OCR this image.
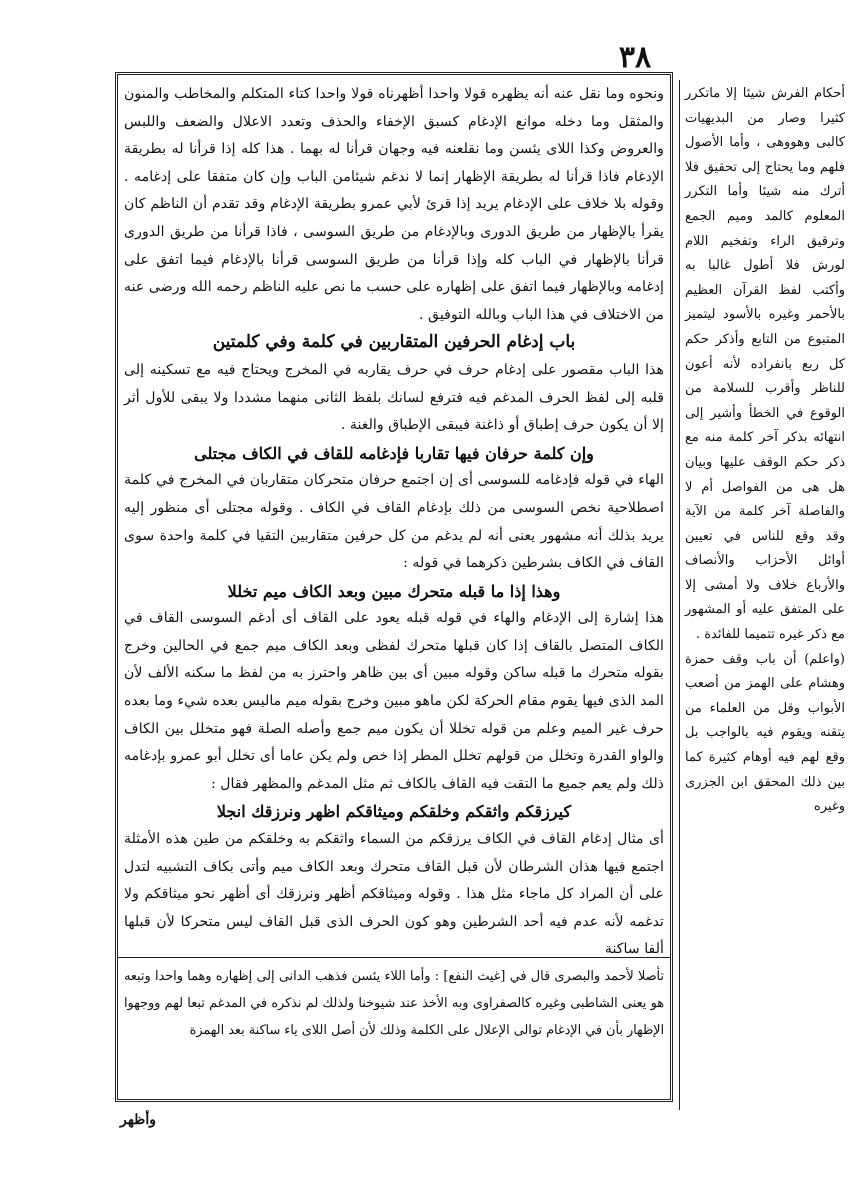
٣٨

ونحوه وما نقل عنه أنه يظهره قولا واحدا أظهرناه قولا واحدا كتاء المتكلم والمخاطب والمنون والمثقل وما دخله موانع الإدغام كسبق الإخفاء والحذف وتعدد الاعلال والضعف واللبس والعروض وكذا اللاى يئسن وما نقلعنه فيه وجهان قرأنا له بهما . هذا كله إذا قرأنا له بطريقة الإدغام فاذا قرأنا له بطريقة الإظهار إنما لا ندغم شيئامن الباب وإن كان متفقا على إدغامه . وقوله بلا خلاف على الإدغام يريد إذا قرئ لأبي عمرو بطريقة الإدغام وقد تقدم أن الناظم كان يقرأ بالإظهار من طريق الدورى وبالإدغام من طريق السوسى ، فاذا قرأنا من طريق الدورى قرأنا بالإظهار في الباب كله وإذا قرأنا من طريق السوسى قرأنا بالإدغام فيما اتفق على إدغامه وبالإظهار فيما اتفق على إظهاره على حسب ما نص عليه الناظم رحمه الله ورضى عنه من الاختلاف في هذا الباب وبالله التوفيق .

باب إدغام الحرفين المتقاربين في كلمة وفي كلمتين

هذا الباب مقصور على إدغام حرف في حرف يقاربه في المخرج ويحتاج فيه مع تسكينه إلى قلبه إلى لفظ الحرف المدغم فيه فترفع لسانك بلفظ الثانى منهما مشددا ولا يبقى للأول أثر إلا أن يكون حرف إطباق أو ذاغنة فيبقى الإطباق والغنة .

وإن كلمة حرفان فيها تقاربا فإدغامه للقاف في الكاف مجتلى

الهاء في قوله فإدغامه للسوسى أى إن اجتمع حرفان متحركان متقاربان في المخرج في كلمة اصطلاحية نخص السوسى من ذلك بإدغام القاف في الكاف . وقوله مجتلى أى منظور إليه يريد بذلك أنه مشهور يعنى أنه لم يدغم من كل حرفين متقاربين التقيا في كلمة واحدة سوى القاف في الكاف بشرطين ذكرهما في قوله :

وهذا إذا ما قبله متحرك مبين وبعد الكاف ميم تخللا

هذا إشارة إلى الإدغام والهاء في قوله قبله يعود على القاف أى أدغم السوسى القاف في الكاف المتصل بالقاف إذا كان قبلها متحرك لفظى وبعد الكاف ميم جمع في الحالين وخرج بقوله متحرك ما قبله ساكن وقوله مبين أى بين ظاهر واحترز به من لفظ ما سكنه الألف لأن المد الذى فيها يقوم مقام الحركة لكن ماهو مبين وخرج بقوله ميم ماليس بعده شيء وما بعده حرف غير الميم وعلم من قوله تخللا أن يكون ميم جمع وأصله الصلة فهو متخلل بين الكاف والواو القدرة وتخلل من قولهم تخلل المطر إذا خص ولم يكن عاما أى تخلل أبو عمرو بإدغامه ذلك ولم يعم جميع ما التقت فيه القاف بالكاف ثم مثل المدغم والمظهر فقال :

كيرزقكم واثقكم وخلقكم وميثاقكم اظهر ونرزقك انجلا

أى مثال إدغام القاف في الكاف يرزقكم من السماء واثقكم به وخلقكم من طين هذه الأمثلة اجتمع فيها هذان الشرطان لأن قبل القاف متحرك وبعد الكاف ميم وأتى بكاف التشبيه لتدل على أن المراد كل ماجاء مثل هذا . وقوله وميثاقكم أظهر ونرزقك أى أظهر نحو ميثاقكم ولا تدغمه لأنه عدم فيه أحد الشرطين وهو كون الحرف الذى قبل القاف ليس متحركا لأن قبلها ألفا ساكنة

تأصلا لأحمد والبصرى قال في [غيث النفع] : وأما اللاء يئسن فذهب الدانى إلى إظهاره وهما واحدا وتبعه هو يعنى الشاطبى وغيره كالصفراوى وبه الأخذ عند شيوخنا ولذلك لم نذكره في المدغم تبعا لهم ووجهوا الإظهار بأن في الإدغام توالى الإعلال على الكلمة وذلك لأن أصل اللاى ياء ساكنة بعد الهمزة

أحكام الفرش شيئا إلا ماتكرر كثيرا وصار من البديهيات كالبى وهووهى ، وأما الأصول فلهم وما يحتاج إلى تحقيق فلا أترك منه شيئا وأما التكرر المعلوم كالمد وميم الجمع وترقيق الراء وتفخيم اللام لورش فلا أطول غالبا به وأكتب لفظ القرآن العظيم بالأحمر وغيره بالأسود ليتميز المتبوع من التابع وأذكر حكم كل ربع بانفراده لأنه أعون للناظر وأقرب للسلامة من الوقوع في الخطأ وأشير إلى انتهائه بذكر آخر كلمة منه مع ذكر حكم الوقف عليها وبيان هل هى من الفواصل أم لا والفاصلة آخر كلمة من الآية وقد وقع للناس في تعيين أوائل الأحزاب والأنصاف والأرباع خلاف ولا أمشى إلا على المتفق عليه أو المشهور مع ذكر غيره تتميما للفائدة .

(واعلم) أن باب وقف حمزة وهشام على الهمز من أصعب الأبواب وقل من العلماء من يتقنه ويقوم فيه بالواجب بل وقع لهم فيه أوهام كثيرة كما بين ذلك المحقق ابن الجزرى وغيره

وأظهر
